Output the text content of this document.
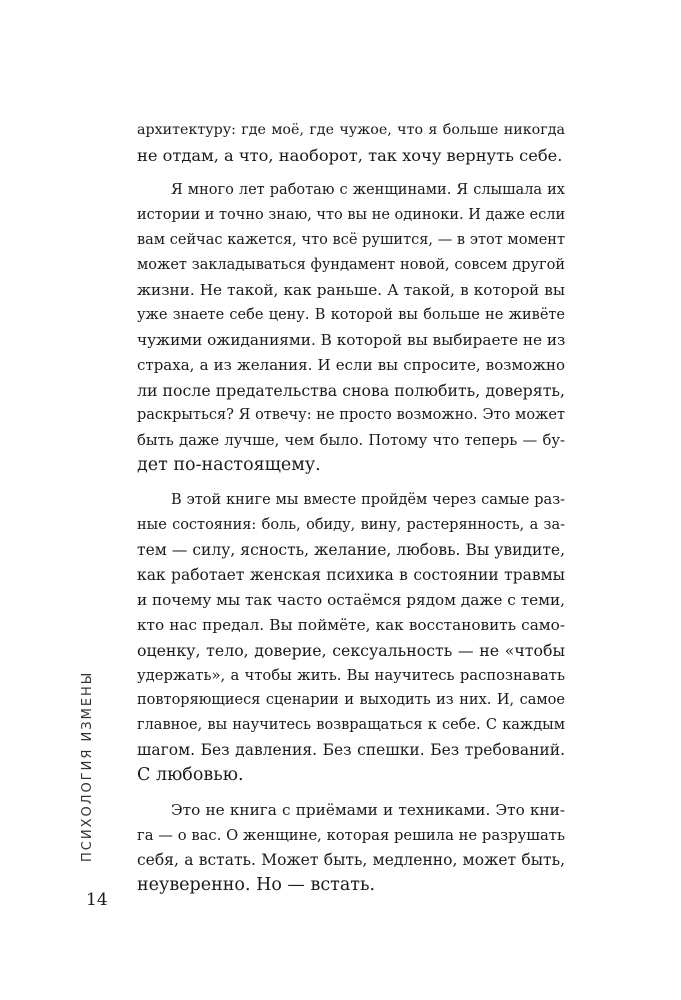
архитектуру: где моё, где чужое, что я больше никогда
не отдам, а что, наоборот, так хочу вернуть себе.
Я много лет работаю с женщинами. Я слышала их
истории и точно знаю, что вы не одиноки. И даже если
вам сейчас кажется, что всё рушится, — в этот момент
может закладываться фундамент новой, совсем другой
жизни. Не такой, как раньше. А такой, в которой вы
уже знаете себе цену. В которой вы больше не живёте
чужими ожиданиями. В которой вы выбираете не из
страха, а из желания. И если вы спросите, возможно
ли после предательства снова полюбить, доверять,
раскрыться? Я отвечу: не просто возможно. Это может
быть даже лучше, чем было. Потому что теперь — бу-
дет по-настоящему.
В этой книге мы вместе пройдём через самые раз-
ные состояния: боль, обиду, вину, растерянность, а за-
тем — силу, ясность, желание, любовь. Вы увидите,
как работает женская психика в состоянии травмы
и почему мы так часто остаёмся рядом даже с теми,
кто нас предал. Вы поймёте, как восстановить само-
оценку, тело, доверие, сексуальность — не «чтобы
удержать», а чтобы жить. Вы научитесь распознавать
повторяющиеся сценарии и выходить из них. И, самое
главное, вы научитесь возвращаться к себе. С каждым
шагом. Без давления. Без спешки. Без требований.
С любовью.
Это не книга с приёмами и техниками. Это кни-
га — о вас. О женщине, которая решила не разрушать
себя, а встать. Может быть, медленно, может быть,
неуверенно. Но — встать.
ПСИХОЛОГИЯ ИЗМЕНЫ
14
